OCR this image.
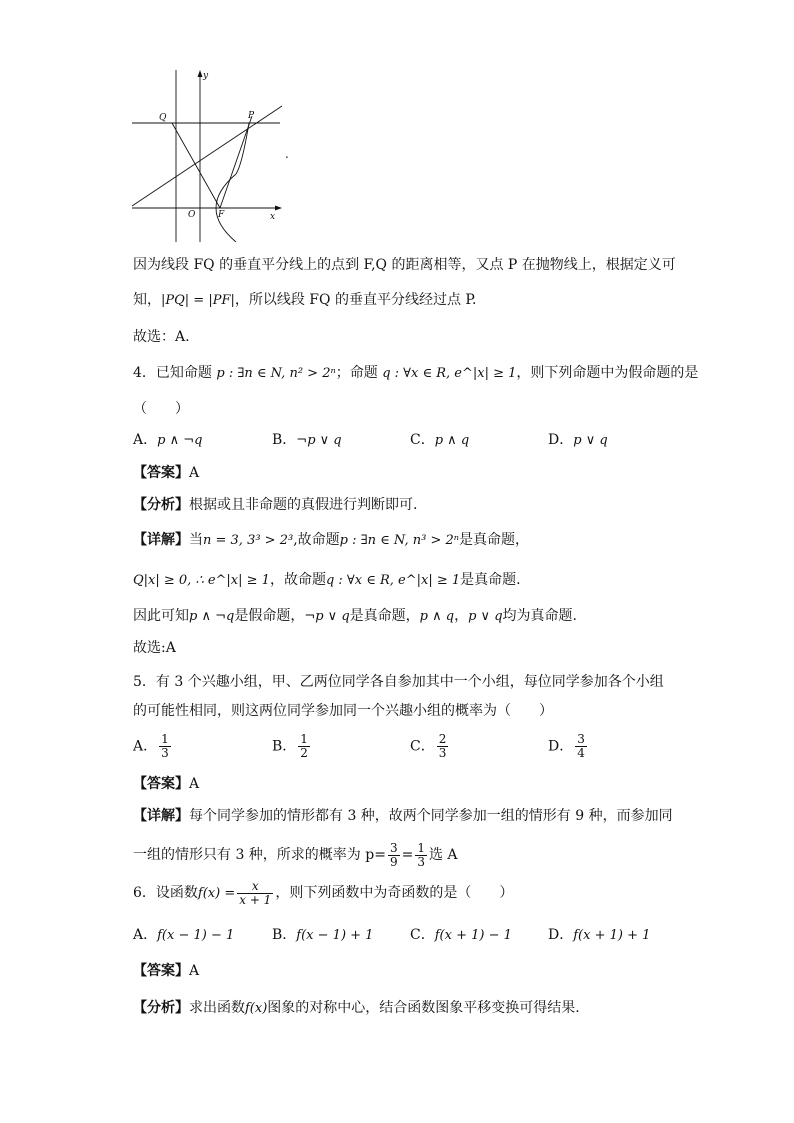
y
x
Q	P
O	F
.
因为线段 FQ 的垂直平分线上的点到 F,Q 的距离相等，又点 P 在抛物线上，根据定义可
知，|PQ| = |PF|，所以线段 FQ 的垂直平分线经过点 P.
故选：A.
4．已知命题 p : ∃n ∈ N, n² > 2ⁿ；命题 q : ∀x ∈ R, e^|x| ≥ 1，则下列命题中为假命题的是
（　　）
A．p ∧ ¬q	B．¬p ∨ q	C．p ∧ q	D．p ∨ q
【答案】A
【分析】根据或且非命题的真假进行判断即可.
【详解】当n = 3, 3³ > 2³,故命题p : ∃n ∈ N, n³ > 2ⁿ是真命题，
Q|x| ≥ 0, ∴ e^|x| ≥ 1，故命题q : ∀x ∈ R, e^|x| ≥ 1是真命题.
因此可知p ∧ ¬q是假命题，¬p ∨ q是真命题，p ∧ q，p ∨ q均为真命题.
故选:A
5．有 3 个兴趣小组，甲、乙两位同学各自参加其中一个小组，每位同学参加各个小组
的可能性相同，则这两位同学参加同一个兴趣小组的概率为（　　）
A． $\frac{1}{3}$	B． $\frac{1}{2}$	C． $\frac{2}{3}$	D． $\frac{3}{4}$
【答案】A
【详解】每个同学参加的情形都有 3 种，故两个同学参加一组的情形有 9 种，而参加同
一组的情形只有 3 种，所求的概率为 $p= \frac{3}{9} = \frac{1}{3}$ 选 A
6．设函数$f(x) = \frac{x}{x + 1}$ ，则下列函数中为奇函数的是（　　）
A．f(x − 1) − 1	B．f(x − 1) + 1	C．f(x + 1) − 1	D．f(x + 1) + 1
【答案】A
【分析】求出函数f(x)图象的对称中心，结合函数图象平移变换可得结果.
